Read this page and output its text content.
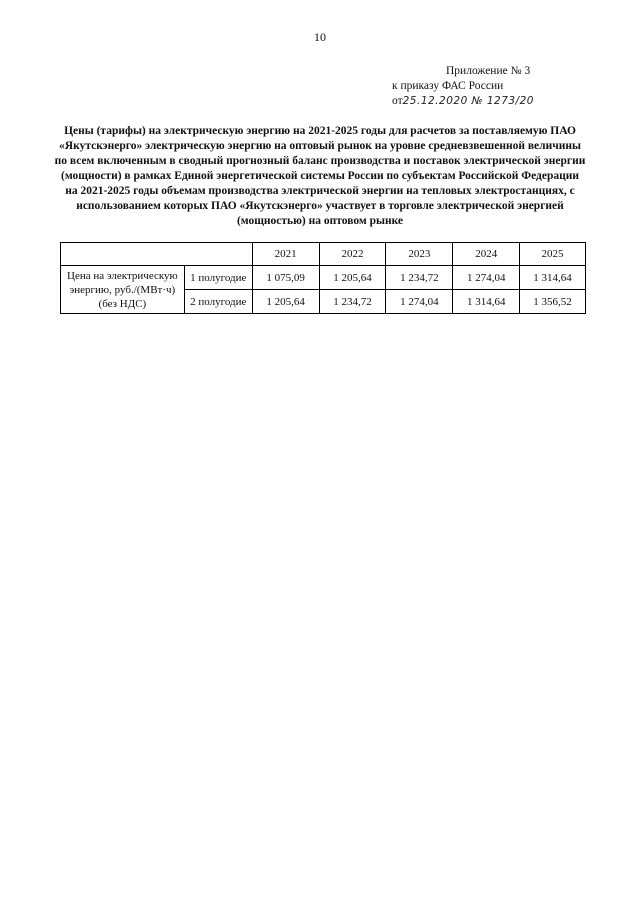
10
Приложение № 3
к приказу ФАС России
от25.12.2020 № 1273/20
Цены (тарифы) на электрическую энергию на 2021-2025 годы для расчетов за поставляемую ПАО
«Якутскэнерго» электрическую энергию на оптовый рынок на уровне средневзвешенной величины
по всем включенным в сводный прогнозный баланс производства и поставок электрической энергии
(мощности) в рамках Единой энергетической системы России по субъектам Российской Федерации
на 2021-2025 годы объемам производства электрической энергии на тепловых электростанциях, с
использованием которых ПАО «Якутскэнерго» участвует в торговле электрической энергией
(мощностью) на оптовом рынке
		2021	2022	2023	2024	2025

Цена на электрическую
энергию, руб./(МВт·ч)
(без НДС)	1 полугодие	1 075,09	1 205,64	1 234,72	1 274,04	1 314,64
	2 полугодие	1 205,64	1 234,72	1 274,04	1 314,64	1 356,52
